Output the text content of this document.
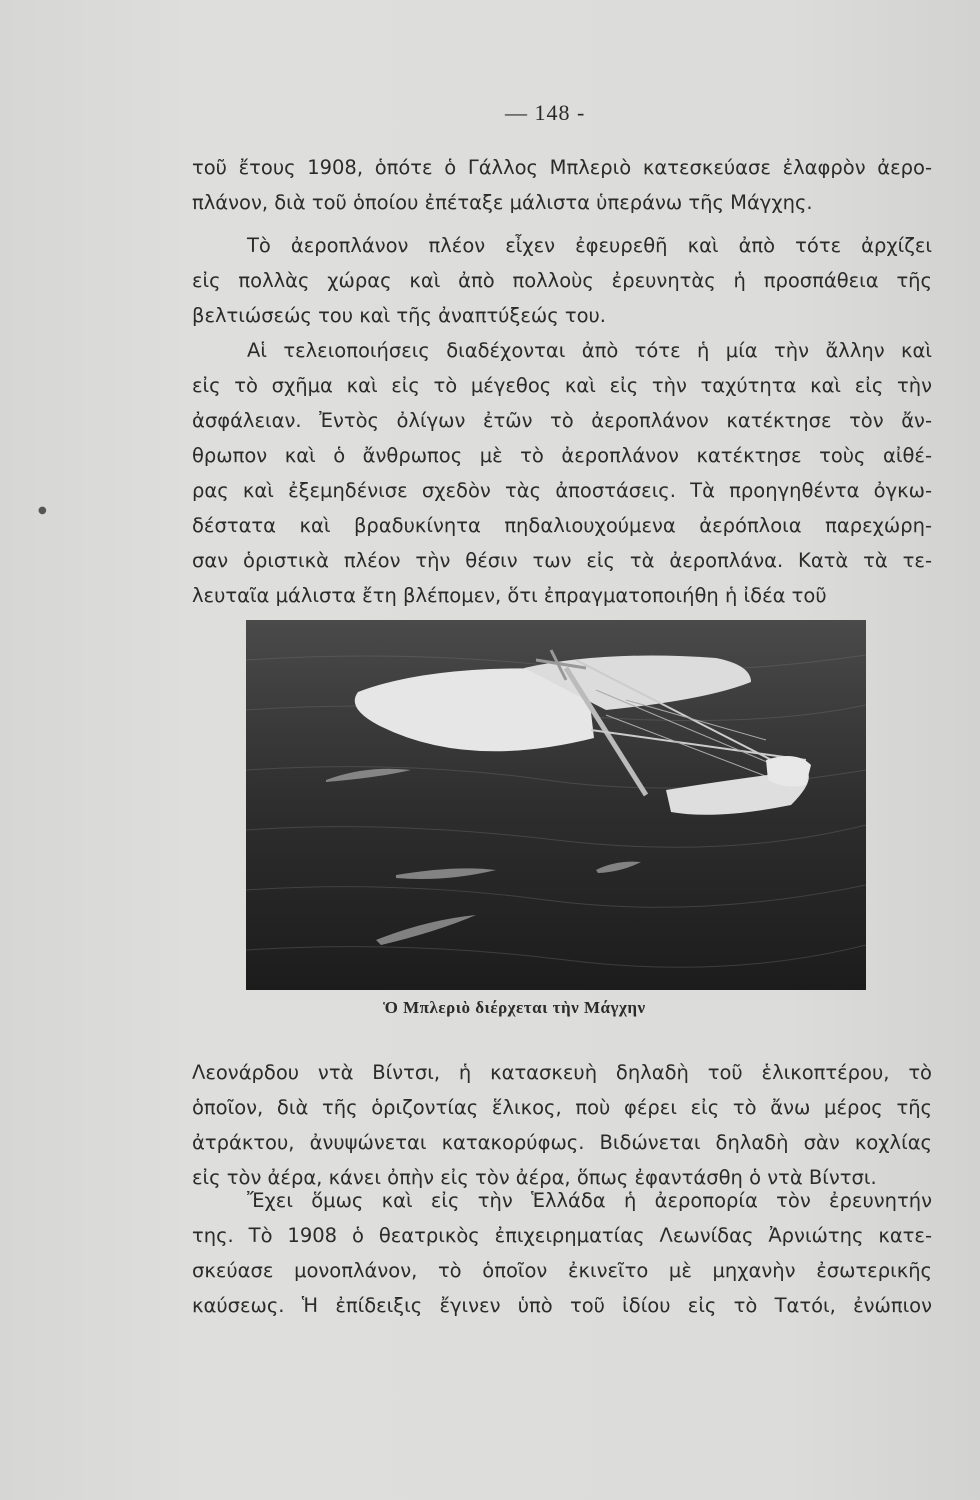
— 148 -
τοῦ ἔτους 1908, ὁπότε ὁ Γάλλος Μπλεριὸ κατεσκεύασε ἐλαφρὸν ἀερο-
πλάνον, διὰ τοῦ ὁποίου ἐπέταξε μάλιστα ὑπεράνω τῆς Μάγχης.
Τὸ ἀεροπλάνον πλέον εἶχεν ἐφευρεθῆ καὶ ἀπὸ τότε ἀρχίζει
εἰς πολλὰς χώρας καὶ ἀπὸ πολλοὺς ἐρευνητὰς ἡ προσπάθεια τῆς
βελτιώσεώς του καὶ τῆς ἀναπτύξεώς του.
Αἱ τελειοποιήσεις διαδέχονται ἀπὸ τότε ἡ μία τὴν ἄλλην καὶ
εἰς τὸ σχῆμα καὶ εἰς τὸ μέγεθος καὶ εἰς τὴν ταχύτητα καὶ εἰς τὴν
ἀσφάλειαν. Ἐντὸς ὀλίγων ἐτῶν τὸ ἀεροπλάνον κατέκτησε τὸν ἄν-
θρωπον καὶ ὁ ἄνθρωπος μὲ τὸ ἀεροπλάνον κατέκτησε τοὺς αἰθέ-
ρας καὶ ἐξεμηδένισε σχεδὸν τὰς ἀποστάσεις. Τὰ προηγηθέντα ὀγκω-
δέστατα καὶ βραδυκίνητα πηδαλιουχούμενα ἀερόπλοια παρεχώρη-
σαν ὁριστικὰ πλέον τὴν θέσιν των εἰς τὰ ἀεροπλάνα. Κατὰ τὰ τε-
λευταῖα μάλιστα ἔτη βλέπομεν, ὅτι ἐπραγματοποιήθη ἡ ἰδέα τοῦ
Ὁ Μπλεριὸ διέρχεται τὴν Μάγχην
Λεονάρδου ντὰ Βίντσι, ἡ κατασκευὴ δηλαδὴ τοῦ ἑλικοπτέρου, τὸ
ὁποῖον, διὰ τῆς ὁριζοντίας ἕλικος, ποὺ φέρει εἰς τὸ ἄνω μέρος τῆς
ἀτράκτου, ἀνυψώνεται κατακορύφως. Βιδώνεται δηλαδὴ σὰν κοχλίας
εἰς τὸν ἀέρα, κάνει ὀπὴν εἰς τὸν ἀέρα, ὅπως ἐφαντάσθη ὁ ντὰ Βίντσι.
Ἔχει ὅμως καὶ εἰς τὴν Ἑλλάδα ἡ ἀεροπορία τὸν ἐρευνητήν
της. Τὸ 1908 ὁ θεατρικὸς ἐπιχειρηματίας Λεωνίδας Ἀρνιώτης κατε-
σκεύασε μονοπλάνον, τὸ ὁποῖον ἐκινεῖτο μὲ μηχανὴν ἐσωτερικῆς
καύσεως. Ἡ ἐπίδειξις ἔγινεν ὑπὸ τοῦ ἰδίου εἰς τὸ Τατόι, ἐνώπιον
●
